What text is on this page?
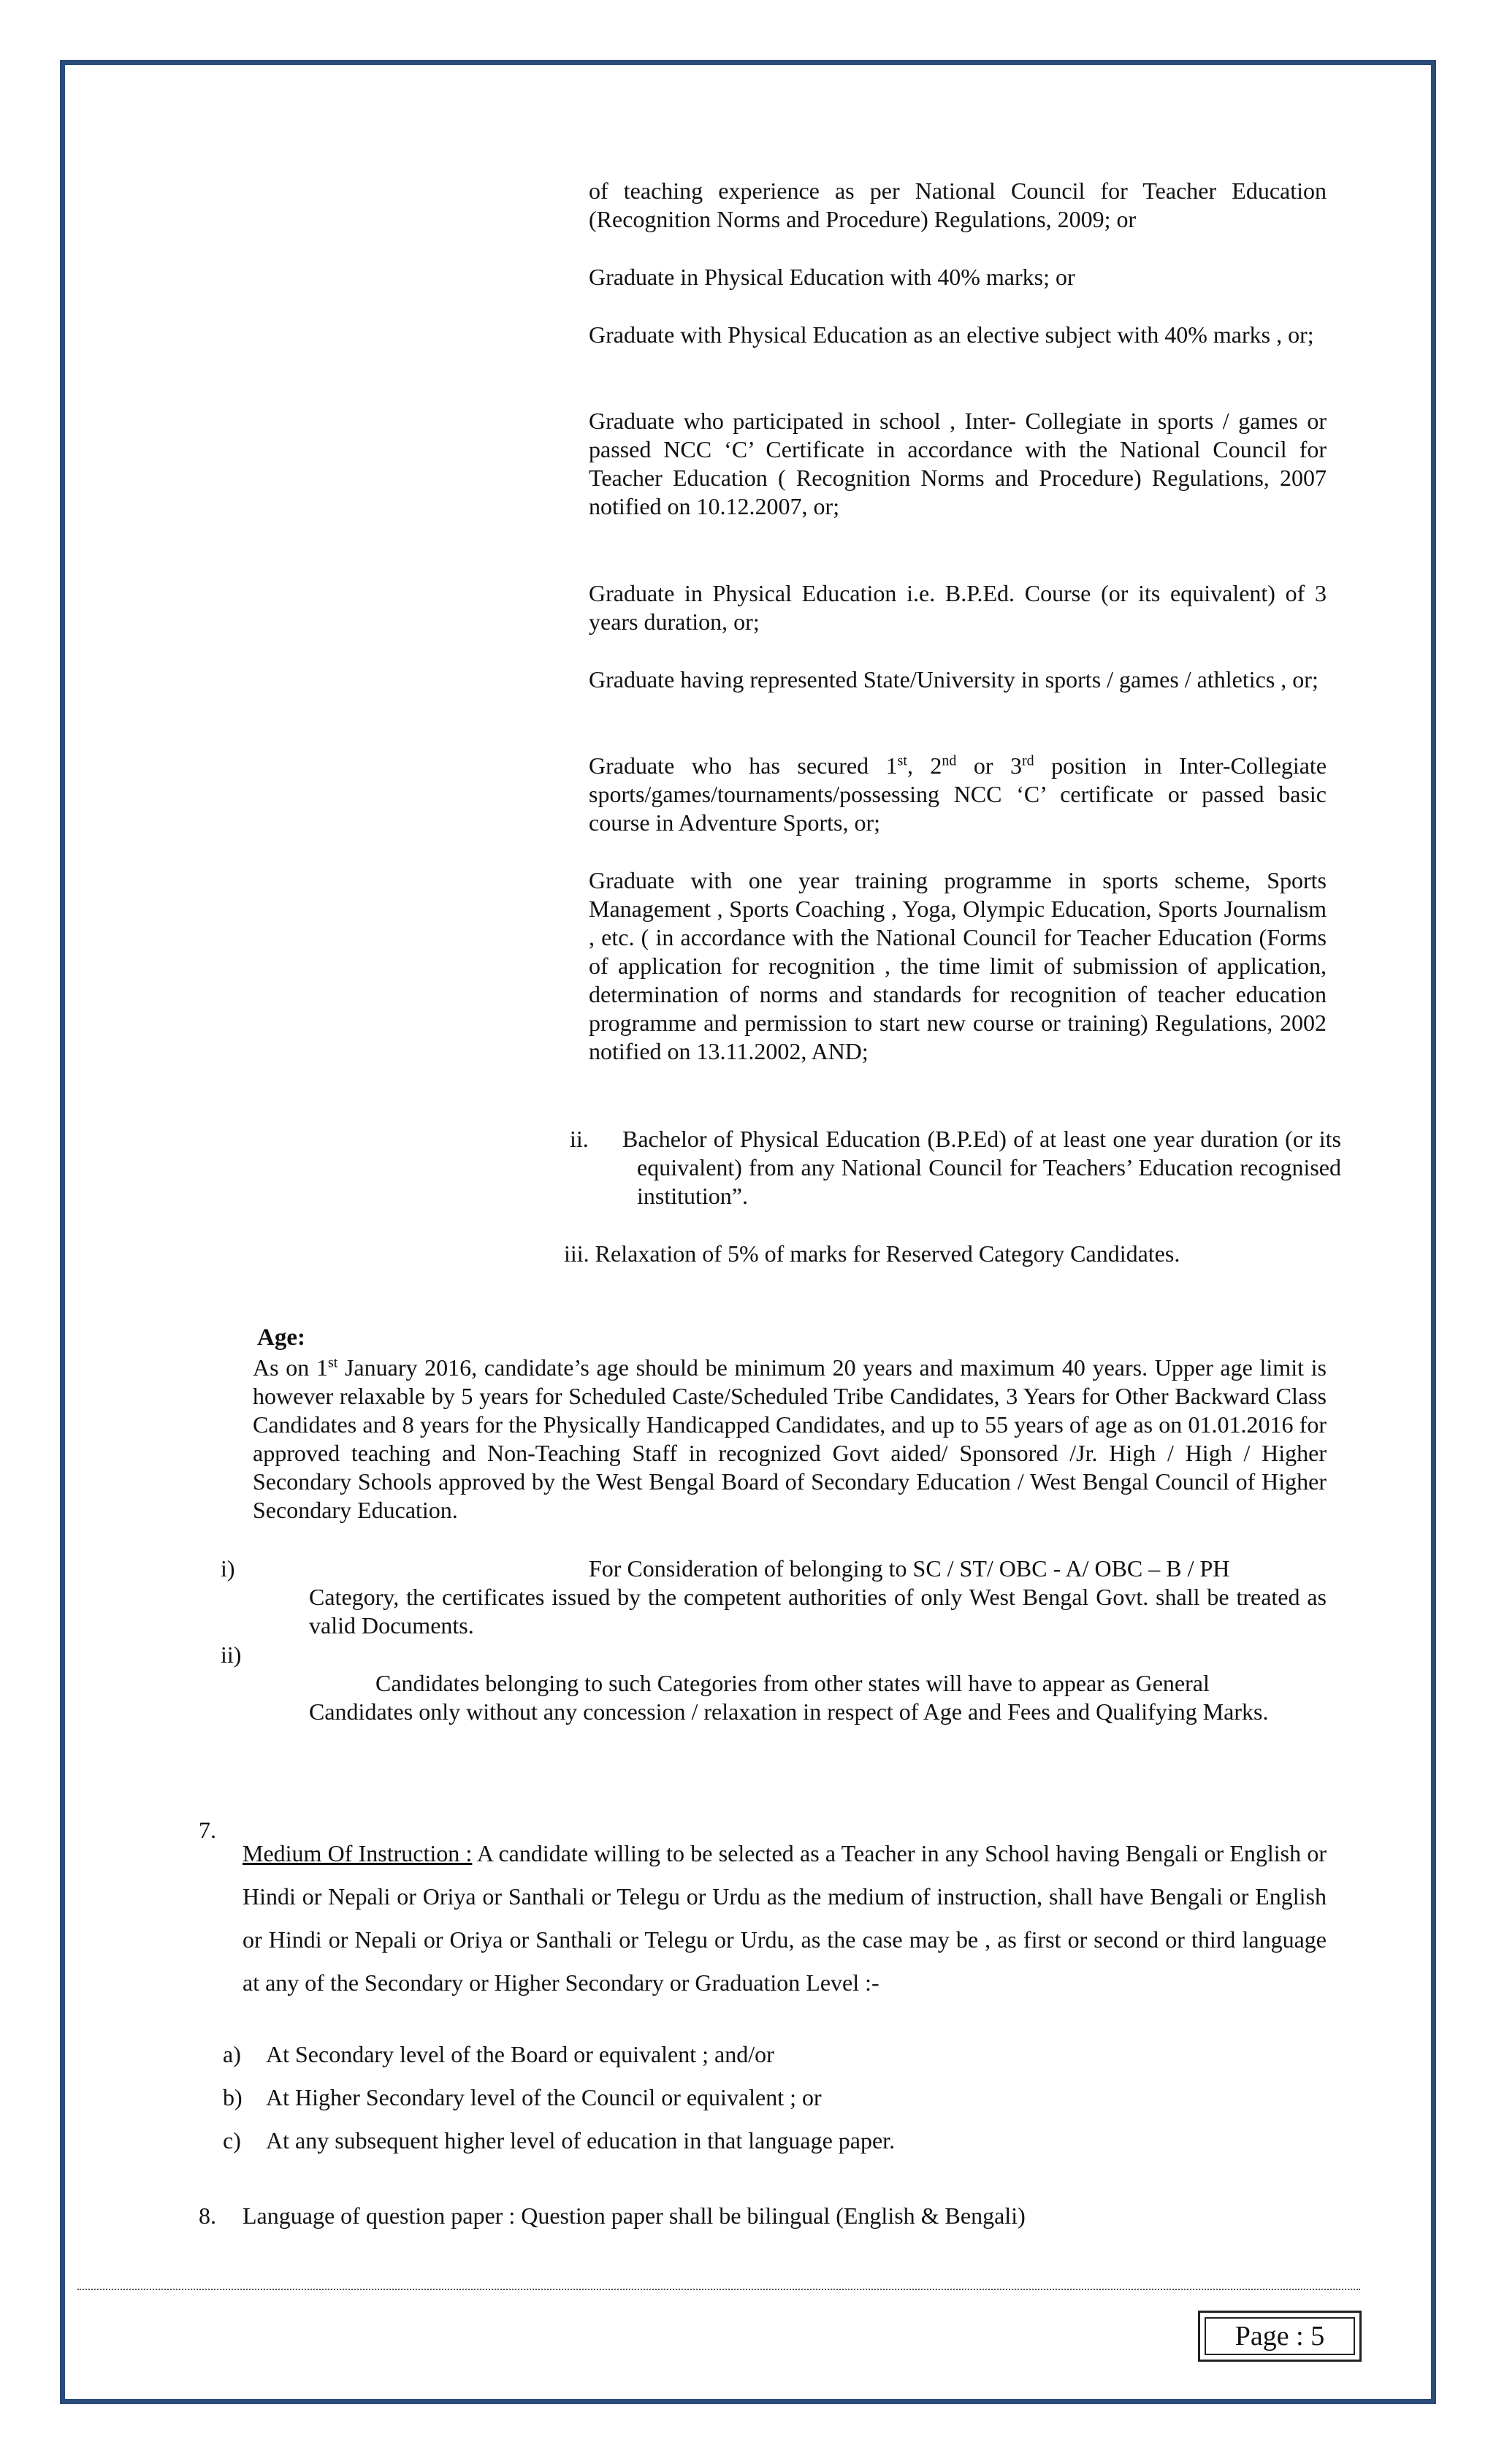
of teaching experience as per National Council for Teacher Education (Recognition Norms and Procedure) Regulations, 2009; or

Graduate in Physical Education with 40% marks; or

Graduate with Physical Education as an elective subject with 40% marks , or;

Graduate who participated in school , Inter- Collegiate in sports / games or passed NCC ‘C’ Certificate in accordance with the National Council for Teacher Education ( Recognition Norms and Procedure) Regulations, 2007 notified on 10.12.2007, or;

Graduate in Physical Education i.e. B.P.Ed. Course (or its equivalent) of 3 years duration, or;

Graduate having represented State/University in sports / games / athletics , or;

Graduate who has secured 1st, 2nd or 3rd position in Inter-Collegiate sports/games/tournaments/possessing NCC ‘C’ certificate or passed basic course in Adventure Sports, or;

Graduate with one year training programme in sports scheme, Sports Management , Sports Coaching , Yoga, Olympic Education, Sports Journalism , etc. ( in accordance with the National Council for Teacher Education (Forms of application for recognition , the time limit of submission of application, determination of norms and standards for recognition of teacher education programme and permission to start new course or training) Regulations, 2002 notified on 13.11.2002, AND;

ii. Bachelor of Physical Education (B.P.Ed) of at least one year duration (or its equivalent) from any National Council for Teachers’ Education recognised institution”.

iii. Relaxation of 5% of marks for Reserved Category Candidates.

Age:

As on 1st January 2016, candidate’s age should be minimum 20 years and maximum 40 years. Upper age limit is however relaxable by 5 years for Scheduled Caste/Scheduled Tribe Candidates, 3 Years for Other Backward Class Candidates and 8 years for the Physically Handicapped Candidates, and up to 55 years of age as on 01.01.2016 for approved teaching and Non-Teaching Staff in recognized Govt aided/ Sponsored /Jr. High / High / Higher Secondary Schools approved by the West Bengal Board of Secondary Education / West Bengal Council of Higher Secondary Education.

i)	For Consideration of belonging to SC / ST/ OBC - A/ OBC – B / PH

Category, the certificates issued by the competent authorities of only West Bengal Govt. shall be treated as valid Documents.

ii)

Candidates belonging to such Categories from other states will have to appear as General

Candidates only without any concession / relaxation in respect of Age and Fees and Qualifying Marks.

7.

Medium Of Instruction : A candidate willing to be selected as a Teacher in any School having Bengali or English or Hindi or Nepali or Oriya or Santhali or Telegu or Urdu as the medium of instruction, shall have Bengali or English or Hindi or Nepali or Oriya or Santhali or Telegu or Urdu, as the case may be , as first or second or third language at any of the Secondary or Higher Secondary or Graduation Level :-

a) At Secondary level of the Board or equivalent ; and/or
b) At Higher Secondary level of the Council or equivalent ; or
c) At any subsequent higher level of education in that language paper.
8. Language of question paper : Question paper shall be bilingual (English & Bengali)
Page : 5
